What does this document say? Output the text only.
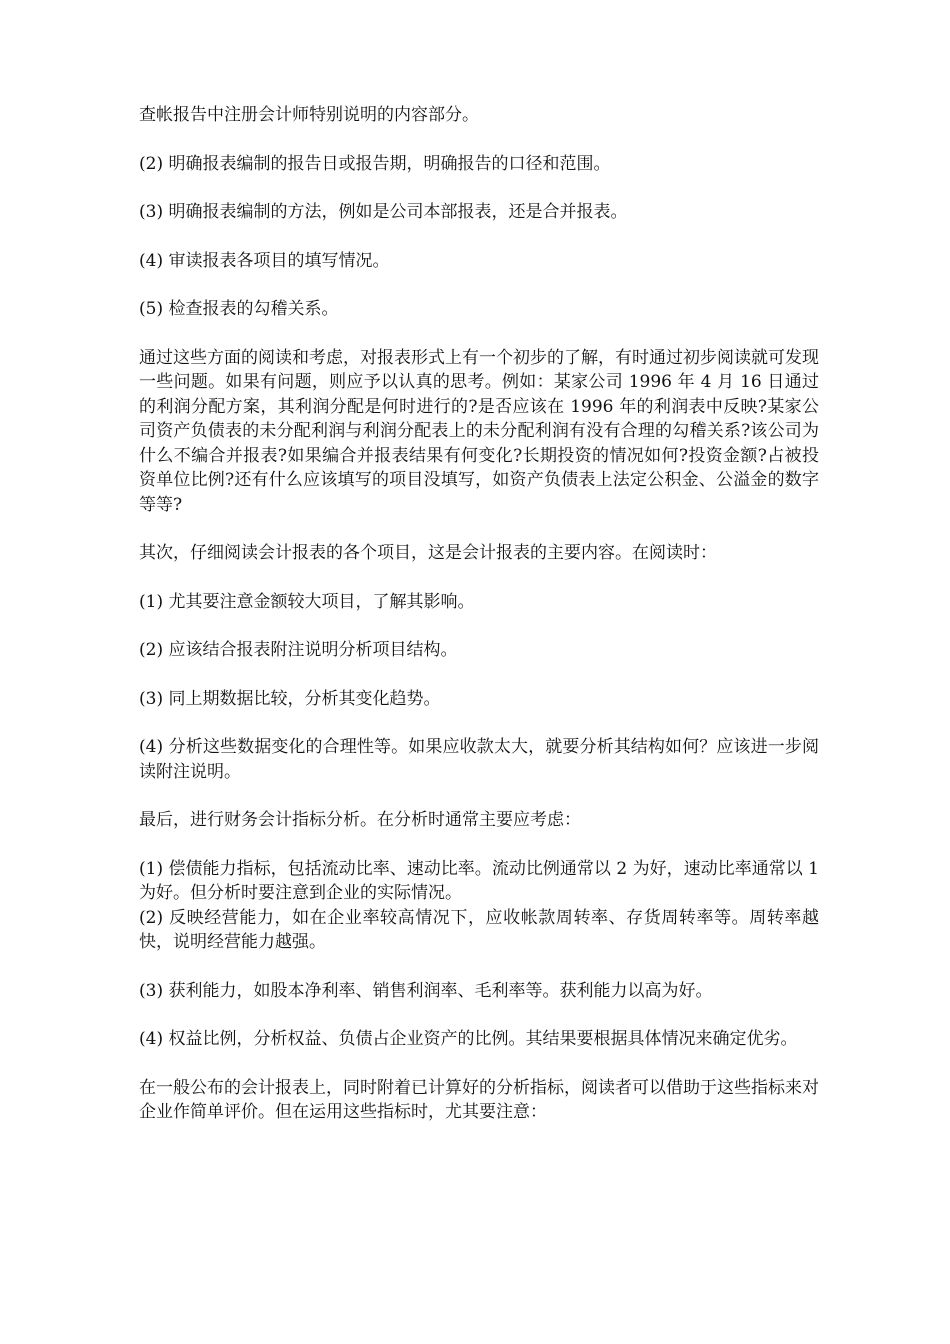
查帐报告中注册会计师特别说明的内容部分。

(2) 明确报表编制的报告日或报告期，明确报告的口径和范围。

(3) 明确报表编制的方法，例如是公司本部报表，还是合并报表。

(4) 审读报表各项目的填写情况。

(5) 检查报表的勾稽关系。

通过这些方面的阅读和考虑，对报表形式上有一个初步的了解，有时通过初步阅读就可发现一些问题。如果有问题，则应予以认真的思考。例如：某家公司 1996 年 4 月 16 日通过的利润分配方案，其利润分配是何时进行的?是否应该在 1996 年的利润表中反映?某家公司资产负债表的未分配利润与利润分配表上的未分配利润有没有合理的勾稽关系?该公司为什么不编合并报表?如果编合并报表结果有何变化?长期投资的情况如何?投资金额?占被投资单位比例?还有什么应该填写的项目没填写，如资产负债表上法定公积金、公溢金的数字等等?

其次，仔细阅读会计报表的各个项目，这是会计报表的主要内容。在阅读时：

(1) 尤其要注意金额较大项目，了解其影响。

(2) 应该结合报表附注说明分析项目结构。

(3) 同上期数据比较，分析其变化趋势。

(4) 分析这些数据变化的合理性等。如果应收款太大，就要分析其结构如何？应该进一步阅读附注说明。

最后，进行财务会计指标分析。在分析时通常主要应考虑：

(1) 偿债能力指标，包括流动比率、速动比率。流动比例通常以 2 为好，速动比率通常以 1 为好。但分析时要注意到企业的实际情况。

(2) 反映经营能力，如在企业率较高情况下，应收帐款周转率、存货周转率等。周转率越快，说明经营能力越强。

(3) 获利能力，如股本净利率、销售利润率、毛利率等。获利能力以高为好。

(4) 权益比例，分析权益、负债占企业资产的比例。其结果要根据具体情况来确定优劣。

在一般公布的会计报表上，同时附着已计算好的分析指标，阅读者可以借助于这些指标来对企业作简单评价。但在运用这些指标时，尤其要注意：
